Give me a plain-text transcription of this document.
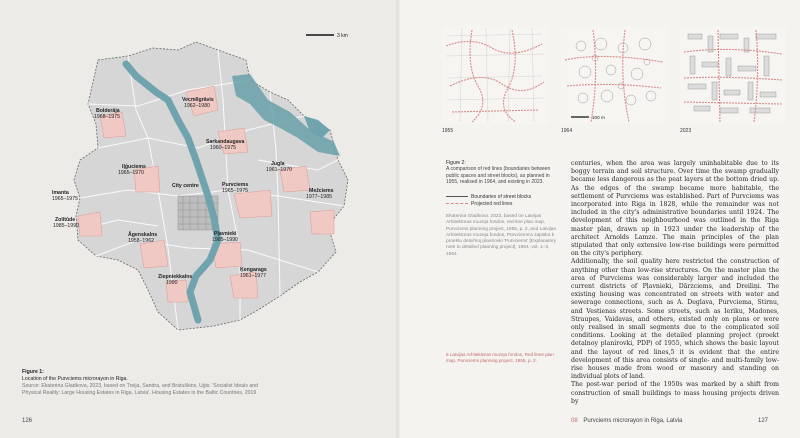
3 km
Vecmīlgrāvis
1962–1980
Bolderāja
1968–1975
Sarkandaugava
1960–1975
Jugla
1961–1970
Iļģuciems
1965–1970
City centre	Purvciems
1965–1975
Imanta
1965–1975
Mežciems
1977–1985
Zolitūde
1985–1990
Āgenskalns
1958–1962
Pļavnieki
1985–1990
Ziepniekkalns
1990
Ķengarags
1961–1977
Figure 1:
Location of the Purvciems microrayon in Riga.
Source: Ekaterina Gladkova, 2023, based on Treija, Sandra, and Bratuškins, Uģis. 'Socialist Ideals and
Physical Reality: Large Housing Estates in Riga, Latvia'. Housing Estates in the Baltic Countries, 2019
126
1955
100 m
1964	2023
Figure 2:
A comparison of red lines (boundaries between public spaces and street blocks), as planned in 1955, realised in 1964, and existing in 2023.
Boundaries of street blocks
Projected red lines
Ekaterina Gladkova, 2023, based on Latvijas Arhitektūras muzeja fondos, red-line plan map, Purvciems planning project, 1955, p. 2, and Latvijas Arhitektūras muzeja fondos, Pūrvciems'a zapiska k proektu detal'noj planirovki 'Purvciems' [Explanatory note to detailed planning project], 1964, vol. 1–2, 1964.
5 Latvijas Arhitektūras muzeja fondos, Red lines plan map, Purvciems planning project, 1955, p. 2.

centuries, when the area was largely uninhabitable due to its boggy terrain and soil structure. Over time the swamp gradually became less dangerous as the peat layers at the bottom dried up. As the edges of the swamp became more habitable, the settlement of Purvciems was established. Part of Purvciems was incorporated into Riga in 1828, while the remainder was not included in the city's administrative boundaries until 1924. The development of this neighbourhood was outlined in the Riga master plan, drawn up in 1923 under the leadership of the architect Arnolds Lamze. The main principles of the plan stipulated that only extensive low-rise buildings were permitted on the city's periphery.

Additionally, the soil quality here restricted the construction of anything other than low-rise structures. On the master plan the area of Purvciems was considerably larger and included the current districts of Pļavnieki, Dārzciems, and Dreiliņi. The existing housing was concentrated on streets with water and sewerage connections, such as A. Deglava, Purvciema, Stirnu, and Vestienas streets. Some streets, such as Ieriku, Madones, Straupes, Vaidavas, and others, existed only on plans or were only realised in small segments due to the complicated soil conditions. Looking at the detailed planning project (proekt detalnoy planirovki, PDP) of 1955, which shows the basic layout and the layout of red lines,5 it is evident that the entire development of this area consists of single- and multi-family low-rise houses made from wood or masonry and standing on individual plots of land.

The post-war period of the 1950s was marked by a shift from construction of small buildings to mass housing projects driven by

08 Purvciems microrayon in Riga, Latvia	127
